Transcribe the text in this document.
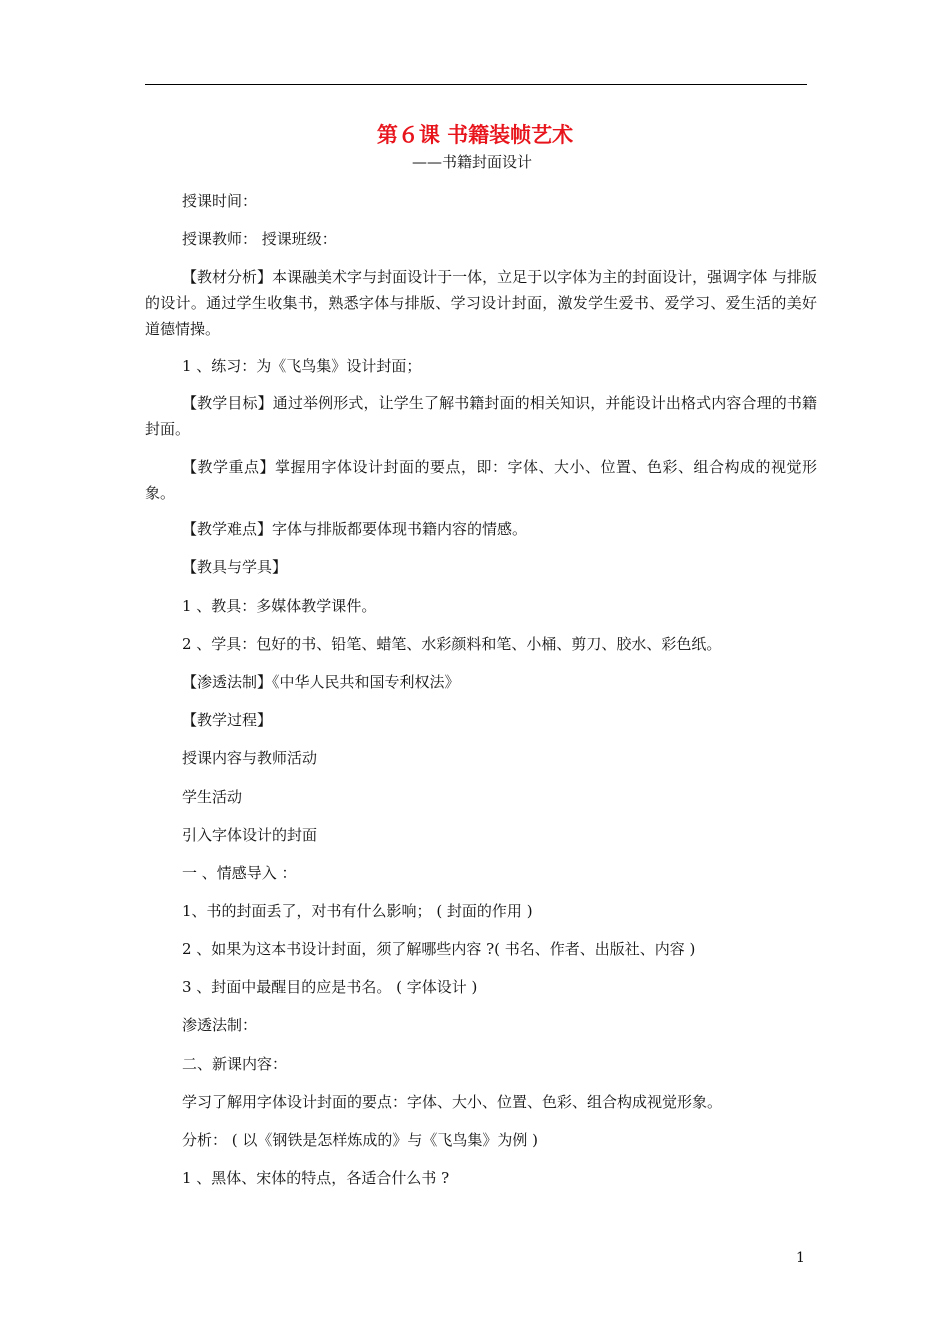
第６课 书籍装帧艺术
——书籍封面设计
授课时间：
授课教师： 授课班级：
【教材分析】本课融美术字与封面设计于一体，立足于以字体为主的封面设计，强调字体 与排版的设计。通过学生收集书，熟悉字体与排版、学习设计封面，激发学生爱书、爱学习、爱生活的美好道德情操。
1 、练习：为《飞鸟集》设计封面；
【教学目标】通过举例形式，让学生了解书籍封面的相关知识，并能设计出格式内容合理的书籍封面。
【教学重点】掌握用字体设计封面的要点，即：字体、大小、位置、色彩、组合构成的视觉形象。
【教学难点】字体与排版都要体现书籍内容的情感。
【教具与学具】
1 、教具：多媒体教学课件。
2 、学具：包好的书、铅笔、蜡笔、水彩颜料和笔、小桶、剪刀、胶水、彩色纸。
【渗透法制】《中华人民共和国专利权法》
【教学过程】
授课内容与教师活动
学生活动
引入字体设计的封面
一 、情感导入 ：
1、书的封面丢了，对书有什么影响； ( 封面的作用 )
2 、如果为这本书设计封面，须了解哪些内容 ?( 书名、作者、出版社、内容 )
3 、封面中最醒目的应是书名。 ( 字体设计 )
渗透法制：
二、新课内容：
学习了解用字体设计封面的要点：字体、大小、位置、色彩、组合构成视觉形象。
分析： ( 以《钢铁是怎样炼成的》与《飞鸟集》为例 )
1 、黑体、宋体的特点，各适合什么书 ?
1
